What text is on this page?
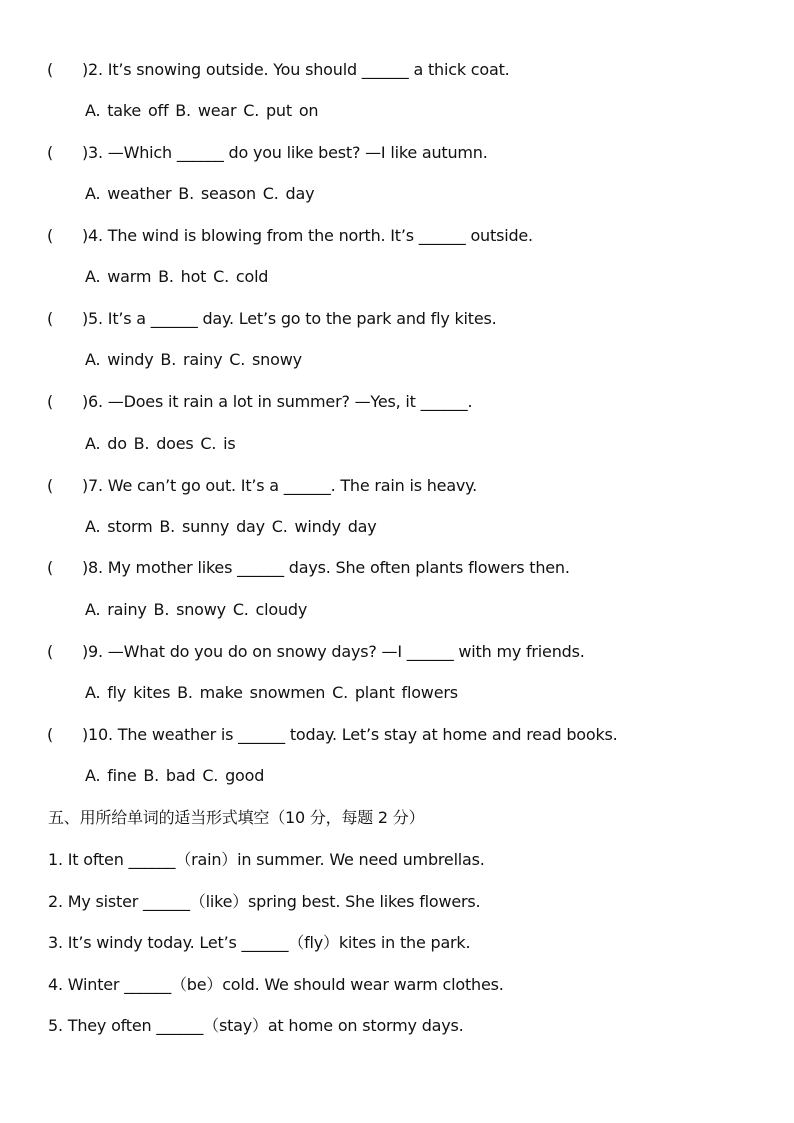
( )2. It’s snowing outside. You should ______ a thick coat.
A. take off B. wear C. put on
( )3. —Which ______ do you like best? —I like autumn.
A. weather B. season C. day
( )4. The wind is blowing from the north. It’s ______ outside.
A. warm B. hot C. cold
( )5. It’s a ______ day. Let’s go to the park and fly kites.
A. windy B. rainy C. snowy
( )6. —Does it rain a lot in summer? —Yes, it ______.
A. do B. does C. is
( )7. We can’t go out. It’s a ______. The rain is heavy.
A. storm B. sunny day C. windy day
( )8. My mother likes ______ days. She often plants flowers then.
A. rainy B. snowy C. cloudy
( )9. —What do you do on snowy days? —I ______ with my friends.
A. fly kites B. make snowmen C. plant flowers
( )10. The weather is ______ today. Let’s stay at home and read books.
A. fine B. bad C. good
五、用所给单词的适当形式填空（10 分，每题 2 分）
1. It often ______（rain）in summer. We need umbrellas.
2. My sister ______（like）spring best. She likes flowers.
3. It’s windy today. Let’s ______（fly）kites in the park.
4. Winter ______（be）cold. We should wear warm clothes.
5. They often ______（stay）at home on stormy days.
